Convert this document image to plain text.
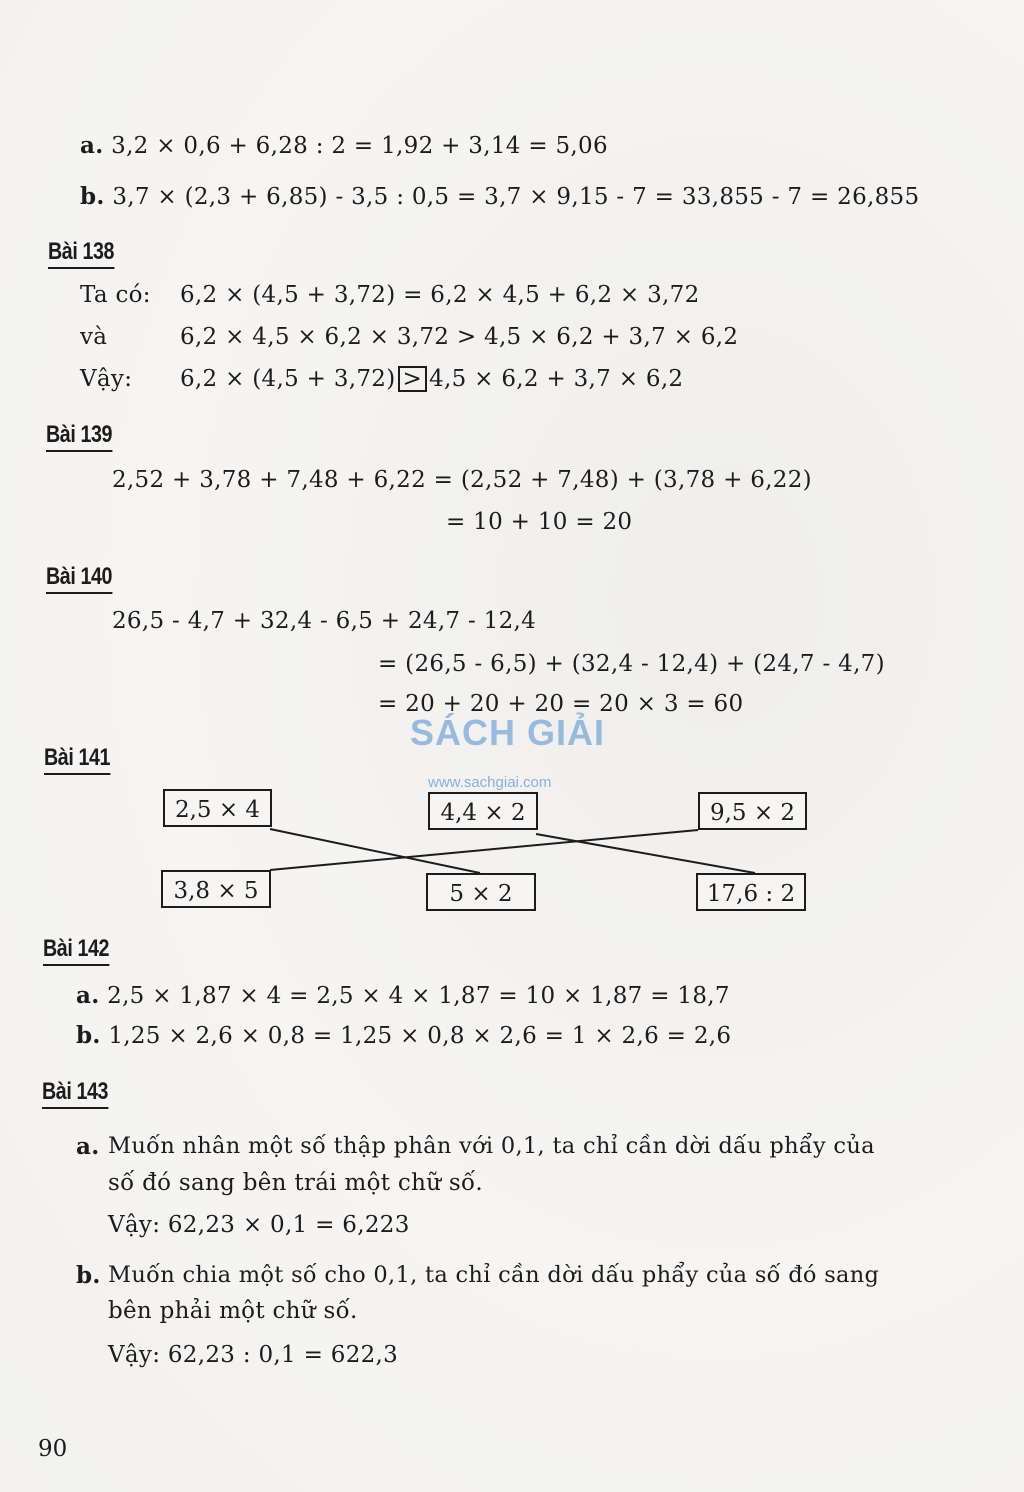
a. 3,2 × 0,6 + 6,28 : 2 = 1,92 + 3,14 = 5,06
b. 3,7 × (2,3 + 6,85) - 3,5 : 0,5 = 3,7 × 9,15 - 7 = 33,855 - 7 = 26,855
Bài 138
Ta có: 6,2 × (4,5 + 3,72) = 6,2 × 4,5 + 6,2 × 3,72
và	6,2 × 4,5 × 6,2 × 3,72 > 4,5 × 6,2 + 3,7 × 6,2
Vậy: 6,2 × (4,5 + 3,72) > 4,5 × 6,2 + 3,7 × 6,2
Bài 139
2,52 + 3,78 + 7,48 + 6,22 = (2,52 + 7,48) + (3,78 + 6,22)
= 10 + 10 = 20
Bài 140
26,5 - 4,7 + 32,4 - 6,5 + 24,7 - 12,4
= (26,5 - 6,5) + (32,4 - 12,4) + (24,7 - 4,7)
= 20 + 20 + 20 = 20 × 3 = 60
SÁCH GIẢI
www.sachgiai.com
Bài 141
2,5 × 4	4,4 × 2	9,5 × 2
3,8 × 5	5 × 2	17,6 : 2
Bài 142
a. 2,5 × 1,87 × 4 = 2,5 × 4 × 1,87 = 10 × 1,87 = 18,7
b. 1,25 × 2,6 × 0,8 = 1,25 × 0,8 × 2,6 = 1 × 2,6 = 2,6
Bài 143
a. Muốn nhân một số thập phân với 0,1, ta chỉ cần dời dấu phẩy của
số đó sang bên trái một chữ số.
Vậy: 62,23 × 0,1 = 6,223
b. Muốn chia một số cho 0,1, ta chỉ cần dời dấu phẩy của số đó sang
bên phải một chữ số.
Vậy: 62,23 : 0,1 = 622,3
90
